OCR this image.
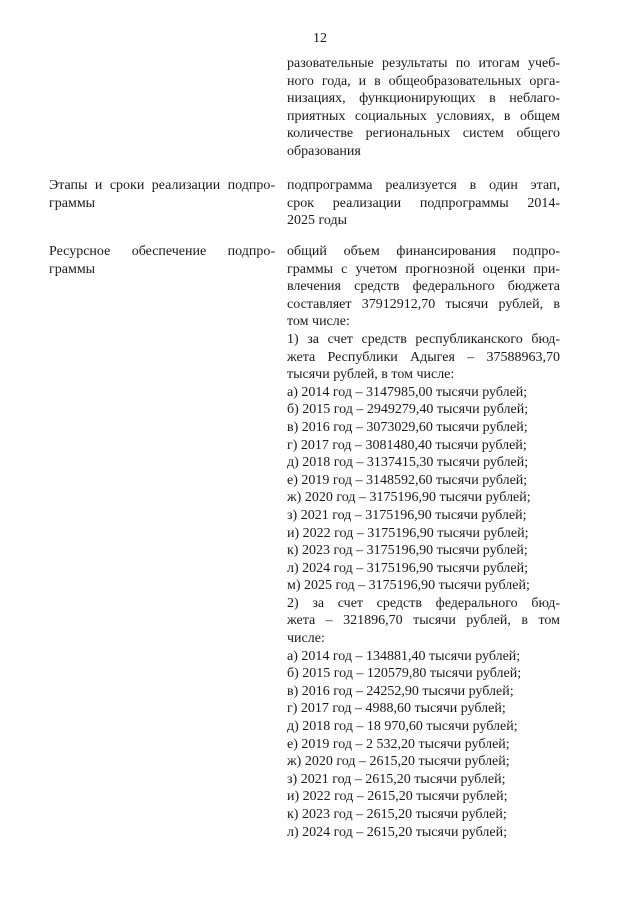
12
разовательные результаты по итогам учеб-
ного года, и в общеобразовательных орга-
низациях, функционирующих в неблаго-
приятных социальных условиях, в общем
количестве региональных систем общего
образования
Этапы и сроки реализации подпро-
граммы
подпрограмма реализуется в один этап,
срок реализации подпрограммы 2014-
2025 годы
Ресурсное обеспечение подпро-
граммы
общий объем финансирования подпро-
граммы с учетом прогнозной оценки при-
влечения средств федерального бюджета
составляет 37912912,70 тысячи рублей, в
том числе:
1) за счет средств республиканского бюд-
жета Республики Адыгея – 37588963,70
тысячи рублей, в том числе:
а) 2014 год – 3147985,00 тысячи рублей;
б) 2015 год – 2949279,40 тысячи рублей;
в) 2016 год – 3073029,60 тысячи рублей;
г) 2017 год – 3081480,40 тысячи рублей;
д) 2018 год – 3137415,30 тысячи рублей;
е) 2019 год – 3148592,60 тысячи рублей;
ж) 2020 год – 3175196,90 тысячи рублей;
з) 2021 год – 3175196,90 тысячи рублей;
и) 2022 год – 3175196,90 тысячи рублей;
к) 2023 год – 3175196,90 тысячи рублей;
л) 2024 год – 3175196,90 тысячи рублей;
м) 2025 год – 3175196,90 тысячи рублей;
2) за счет средств федерального бюд-
жета – 321896,70 тысячи рублей, в том
числе:
а) 2014 год – 134881,40 тысячи рублей;
б) 2015 год – 120579,80 тысячи рублей;
в) 2016 год – 24252,90 тысячи рублей;
г) 2017 год – 4988,60 тысячи рублей;
д) 2018 год – 18 970,60 тысячи рублей;
е) 2019 год – 2 532,20 тысячи рублей;
ж) 2020 год – 2615,20 тысячи рублей;
з) 2021 год – 2615,20 тысячи рублей;
и) 2022 год – 2615,20 тысячи рублей;
к) 2023 год – 2615,20 тысячи рублей;
л) 2024 год – 2615,20 тысячи рублей;
